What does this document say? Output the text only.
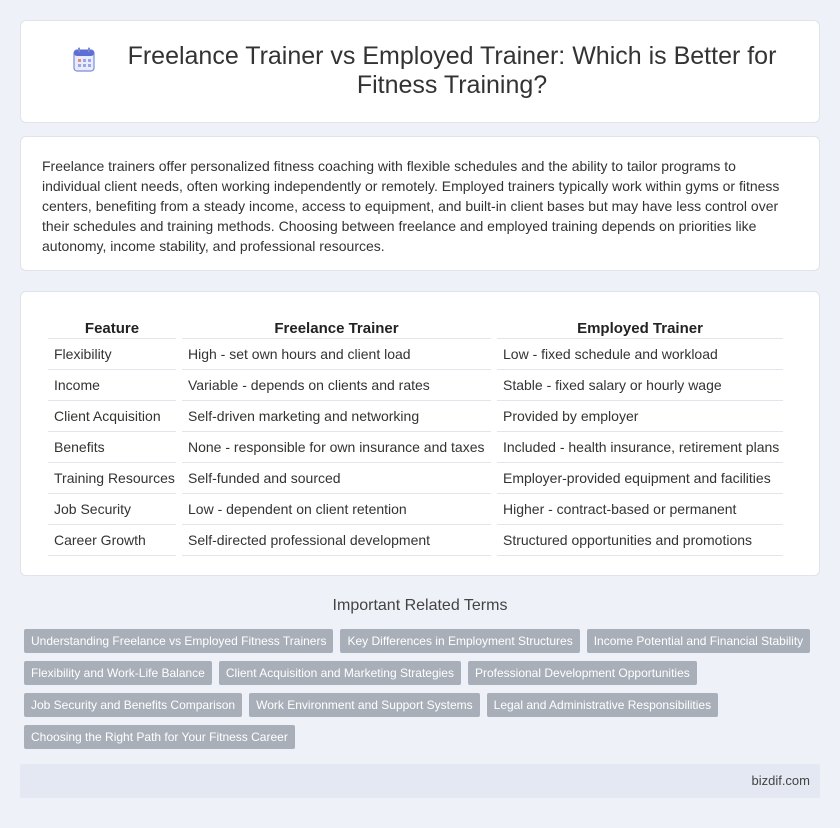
Freelance Trainer vs Employed Trainer: Which is Better for Fitness Training?

Freelance trainers offer personalized fitness coaching with flexible schedules and the ability to tailor programs to individual client needs, often working independently or remotely. Employed trainers typically work within gyms or fitness centers, benefiting from a steady income, access to equipment, and built-in client bases but may have less control over their schedules and training methods. Choosing between freelance and employed training depends on priorities like autonomy, income stability, and professional resources.

Feature	Freelance Trainer	Employed Trainer
Flexibility	High - set own hours and client load	Low - fixed schedule and workload
Income	Variable - depends on clients and rates	Stable - fixed salary or hourly wage
Client Acquisition	Self-driven marketing and networking	Provided by employer
Benefits	None - responsible for own insurance and taxes	Included - health insurance, retirement plans
Training Resources	Self-funded and sourced	Employer-provided equipment and facilities
Job Security	Low - dependent on client retention	Higher - contract-based or permanent
Career Growth	Self-directed professional development	Structured opportunities and promotions
Important Related Terms
Understanding Freelance vs Employed Fitness Trainers	Key Differences in Employment Structures	Income Potential and Financial Stability
Flexibility and Work-Life Balance	Client Acquisition and Marketing Strategies	Professional Development Opportunities
Job Security and Benefits Comparison	Work Environment and Support Systems	Legal and Administrative Responsibilities
Choosing the Right Path for Your Fitness Career
bizdif.com
